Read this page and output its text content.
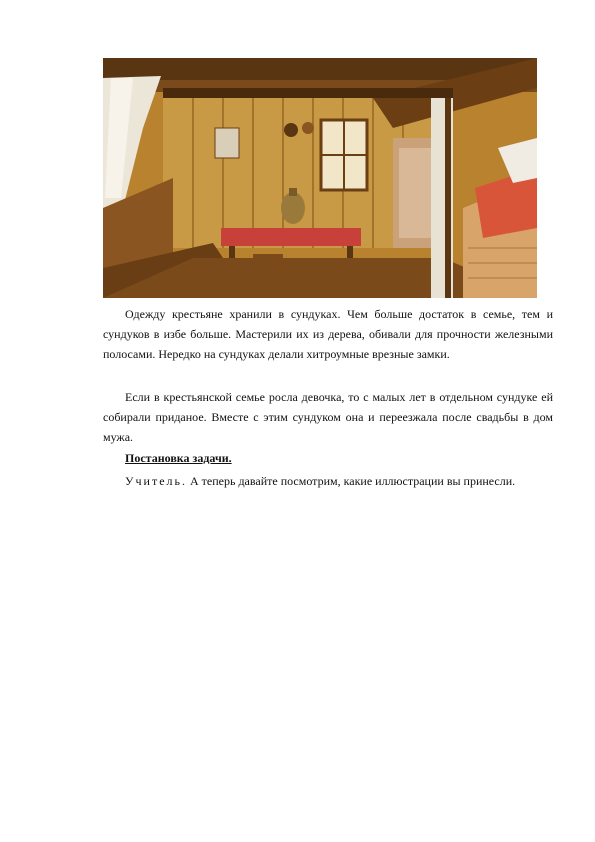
Одежду крестьяне хранили в сундуках. Чем больше достаток в семье, тем и сундуков в избе больше. Мастерили их из дерева, обивали для прочности железными полосами. Нередко на сундуках делали хитроумные врезные замки.
Если в крестьянской семье росла девочка, то с малых лет в отдельном сундуке ей собирали приданое. Вместе с этим сундуком она и переезжала после свадьбы в дом мужа.
Постановка задачи.
Учитель. А теперь давайте посмотрим, какие иллюстрации вы принесли.
